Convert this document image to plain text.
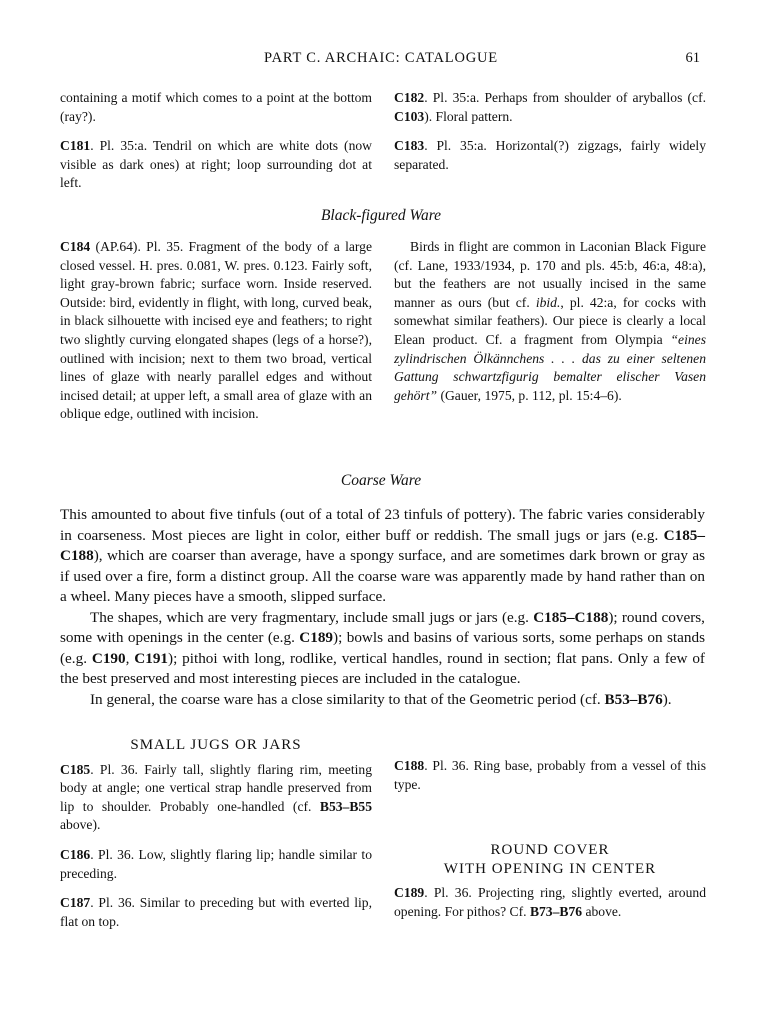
PART C. ARCHAIC: CATALOGUE	61

containing a motif which comes to a point at the bottom (ray?).

C181. Pl. 35:a. Tendril on which are white dots (now visible as dark ones) at right; loop surrounding dot at left.

C182. Pl. 35:a. Perhaps from shoulder of aryballos (cf. C103). Floral pattern.

C183. Pl. 35:a. Horizontal(?) zigzags, fairly widely separated.

Black-figured Ware

C184 (AP.64). Pl. 35. Fragment of the body of a large closed vessel. H. pres. 0.081, W. pres. 0.123. Fairly soft, light gray-brown fabric; surface worn. Inside reserved. Outside: bird, evidently in flight, with long, curved beak, in black silhouette with incised eye and feathers; to right two slightly curving elongated shapes (legs of a horse?), outlined with incision; next to them two broad, vertical lines of glaze with nearly parallel edges and without incised detail; at upper left, a small area of glaze with an oblique edge, outlined with incision.

Birds in flight are common in Laconian Black Figure (cf. Lane, 1933/1934, p. 170 and pls. 45:b, 46:a, 48:a), but the feathers are not usually incised in the same manner as ours (but cf. ibid., pl. 42:a, for cocks with somewhat similar feathers). Our piece is clearly a local Elean product. Cf. a fragment from Olympia “eines zylindrischen Ölkännchens . . . das zu einer seltenen Gattung schwartzfigurig bemalter elischer Vasen gehört” (Gauer, 1975, p. 112, pl. 15:4–6).

Coarse Ware

This amounted to about five tinfuls (out of a total of 23 tinfuls of pottery). The fabric varies considerably in coarseness. Most pieces are light in color, either buff or reddish. The small jugs or jars (e.g. C185–C188), which are coarser than average, have a spongy surface, and are sometimes dark brown or gray as if used over a fire, form a distinct group. All the coarse ware was apparently made by hand rather than on a wheel. Many pieces have a smooth, slipped surface.

The shapes, which are very fragmentary, include small jugs or jars (e.g. C185–C188); round covers, some with openings in the center (e.g. C189); bowls and basins of various sorts, some perhaps on stands (e.g. C190, C191); pithoi with long, rodlike, vertical handles, round in section; flat pans. Only a few of the best preserved and most interesting pieces are included in the catalogue.

In general, the coarse ware has a close similarity to that of the Geometric period (cf. B53–B76).

SMALL JUGS OR JARS

C185. Pl. 36. Fairly tall, slightly flaring rim, meeting body at angle; one vertical strap handle preserved from lip to shoulder. Probably one-handled (cf. B53–B55 above).

C186. Pl. 36. Low, slightly flaring lip; handle similar to preceding.

C187. Pl. 36. Similar to preceding but with everted lip, flat on top.

C188. Pl. 36. Ring base, probably from a vessel of this type.

ROUND COVER
WITH OPENING IN CENTER

C189. Pl. 36. Projecting ring, slightly everted, around opening. For pithos? Cf. B73–B76 above.
